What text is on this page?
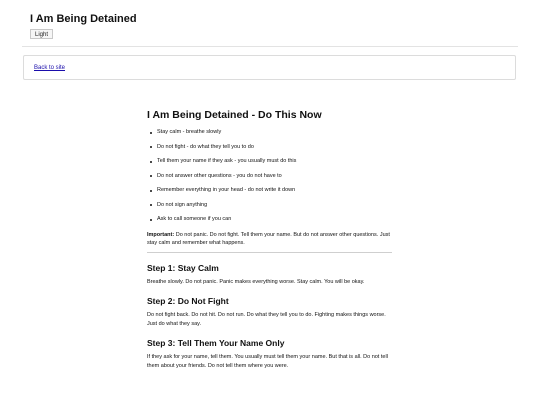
I Am Being Detained
Light
Back to site
I Am Being Detained - Do This Now
Stay calm - breathe slowly
Do not fight - do what they tell you to do
Tell them your name if they ask - you usually must do this
Do not answer other questions - you do not have to
Remember everything in your head - do not write it down
Do not sign anything
Ask to call someone if you can

Important: Do not panic. Do not fight. Tell them your name. But do not answer other questions. Just stay calm and remember what happens.

Step 1: Stay Calm

Breathe slowly. Do not panic. Panic makes everything worse. Stay calm. You will be okay.

Step 2: Do Not Fight

Do not fight back. Do not hit. Do not run. Do what they tell you to do. Fighting makes things worse. Just do what they say.

Step 3: Tell Them Your Name Only

If they ask for your name, tell them. You usually must tell them your name. But that is all. Do not tell them about your friends. Do not tell them where you were.
